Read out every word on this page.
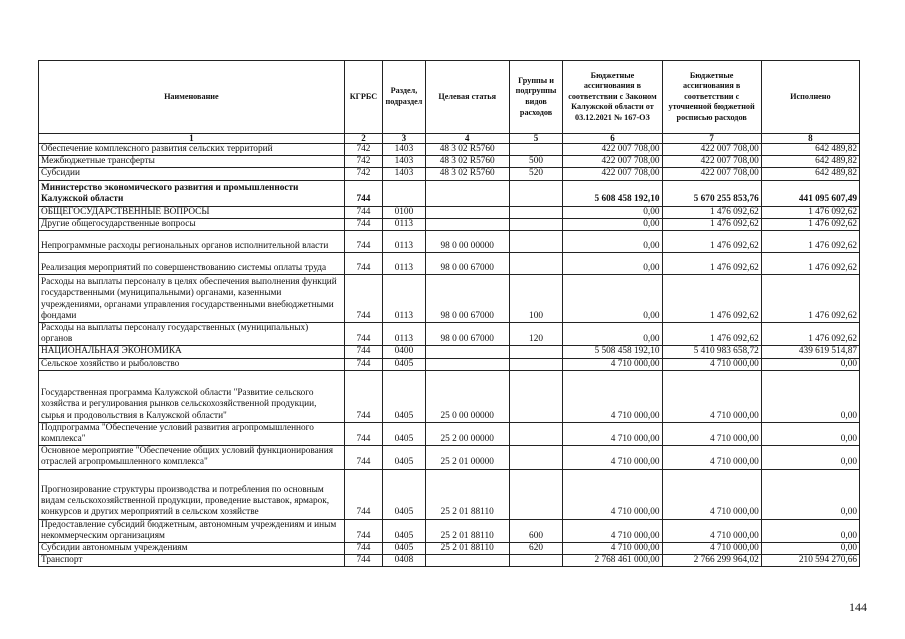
Наименование	КГРБС	Раздел, подраздел	Целевая статья	Группы и подгруппы видов расходов	Бюджетные ассигнования в соответствии с Законом Калужской области от 03.12.2021 № 167-ОЗ	Бюджетные ассигнования в соответствии с уточненной бюджетной росписью расходов	Исполнено
1	2	3	4	5	6	7	8
Обеспечение комплексного развития сельских территорий	742	1403	48 3 02 R5760		422 007 708,00	422 007 708,00	642 489,82
Межбюджетные трансферты	742	1403	48 3 02 R5760	500	422 007 708,00	422 007 708,00	642 489,82
Субсидии	742	1403	48 3 02 R5760	520	422 007 708,00	422 007 708,00	642 489,82
Министерство экономического развития и промышленности Калужской области	744				5 608 458 192,10	5 670 255 853,76	441 095 607,49
ОБЩЕГОСУДАРСТВЕННЫЕ ВОПРОСЫ	744	0100			0,00	1 476 092,62	1 476 092,62
Другие общегосударственные вопросы	744	0113			0,00	1 476 092,62	1 476 092,62
Непрограммные расходы региональных органов исполнительной власти	744	0113	98 0 00 00000		0,00	1 476 092,62	1 476 092,62
Реализация мероприятий по совершенствованию системы оплаты труда	744	0113	98 0 00 67000		0,00	1 476 092,62	1 476 092,62
Расходы на выплаты персоналу в целях обеспечения выполнения функций государственными (муниципальными) органами, казенными учреждениями, органами управления государственными внебюджетными фондами	744	0113	98 0 00 67000	100	0,00	1 476 092,62	1 476 092,62
Расходы на выплаты персоналу государственных (муниципальных) органов	744	0113	98 0 00 67000	120	0,00	1 476 092,62	1 476 092,62
НАЦИОНАЛЬНАЯ ЭКОНОМИКА	744	0400			5 508 458 192,10	5 410 983 658,72	439 619 514,87
Сельское хозяйство и рыболовство	744	0405			4 710 000,00	4 710 000,00	0,00
Государственная программа Калужской области "Развитие сельского хозяйства и регулирования рынков сельскохозяйственной продукции, сырья и продовольствия в Калужской области"	744	0405	25 0 00 00000		4 710 000,00	4 710 000,00	0,00
Подпрограмма "Обеспечение условий развития агропромышленного комплекса"	744	0405	25 2 00 00000		4 710 000,00	4 710 000,00	0,00
Основное мероприятие "Обеспечение общих условий функционирования отраслей агропромышленного комплекса"	744	0405	25 2 01 00000		4 710 000,00	4 710 000,00	0,00
Прогнозирование структуры производства и потребления по основным видам сельскохозяйственной продукции, проведение выставок, ярмарок, конкурсов и других мероприятий в сельском хозяйстве	744	0405	25 2 01 88110		4 710 000,00	4 710 000,00	0,00
Предоставление субсидий бюджетным, автономным учреждениям и иным некоммерческим организациям	744	0405	25 2 01 88110	600	4 710 000,00	4 710 000,00	0,00
Субсидии автономным учреждениям	744	0405	25 2 01 88110	620	4 710 000,00	4 710 000,00	0,00
Транспорт	744	0408			2 768 461 000,00	2 766 299 964,02	210 594 270,66
144
